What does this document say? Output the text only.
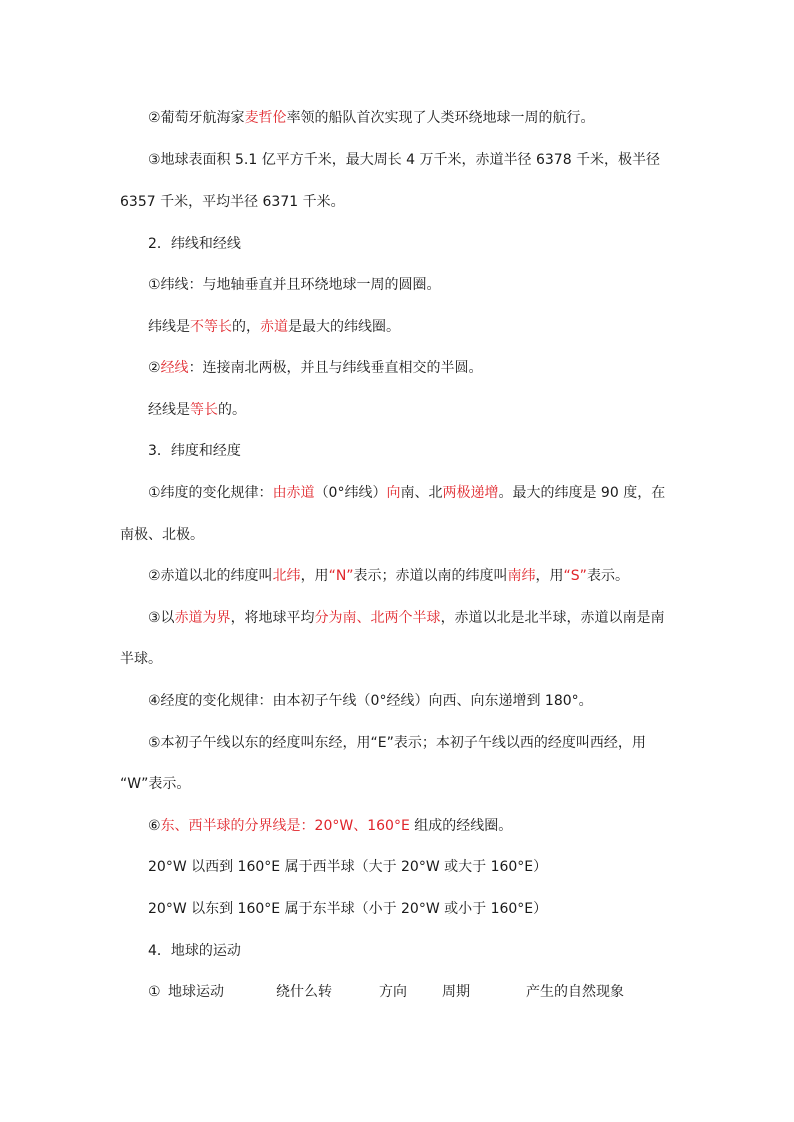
②葡萄牙航海家麦哲伦率领的船队首次实现了人类环绕地球一周的航行。
③地球表面积 5.1 亿平方千米，最大周长 4 万千米，赤道半径 6378 千米，极半径
6357 千米，平均半径 6371 千米。
2．纬线和经线
①纬线：与地轴垂直并且环绕地球一周的圆圈。
纬线是不等长的，赤道是最大的纬线圈。
②经线：连接南北两极，并且与纬线垂直相交的半圆。
经线是等长的。
3．纬度和经度
①纬度的变化规律：由赤道（0°纬线）向南、北两极递增。最大的纬度是 90 度，在
南极、北极。
②赤道以北的纬度叫北纬，用“N”表示；赤道以南的纬度叫南纬，用“S”表示。
③以赤道为界，将地球平均分为南、北两个半球，赤道以北是北半球，赤道以南是南
半球。
④经度的变化规律：由本初子午线（0°经线）向西、向东递增到 180°。
⑤本初子午线以东的经度叫东经，用“E”表示；本初子午线以西的经度叫西经，用
“W”表示。
⑥东、西半球的分界线是：20°W、160°E 组成的经线圈。
20°W 以西到 160°E 属于西半球（大于 20°W 或大于 160°E）
20°W 以东到 160°E 属于东半球（小于 20°W 或小于 160°E）
4．地球的运动
① 地球运动	绕什么转	方向	周期	产生的自然现象
